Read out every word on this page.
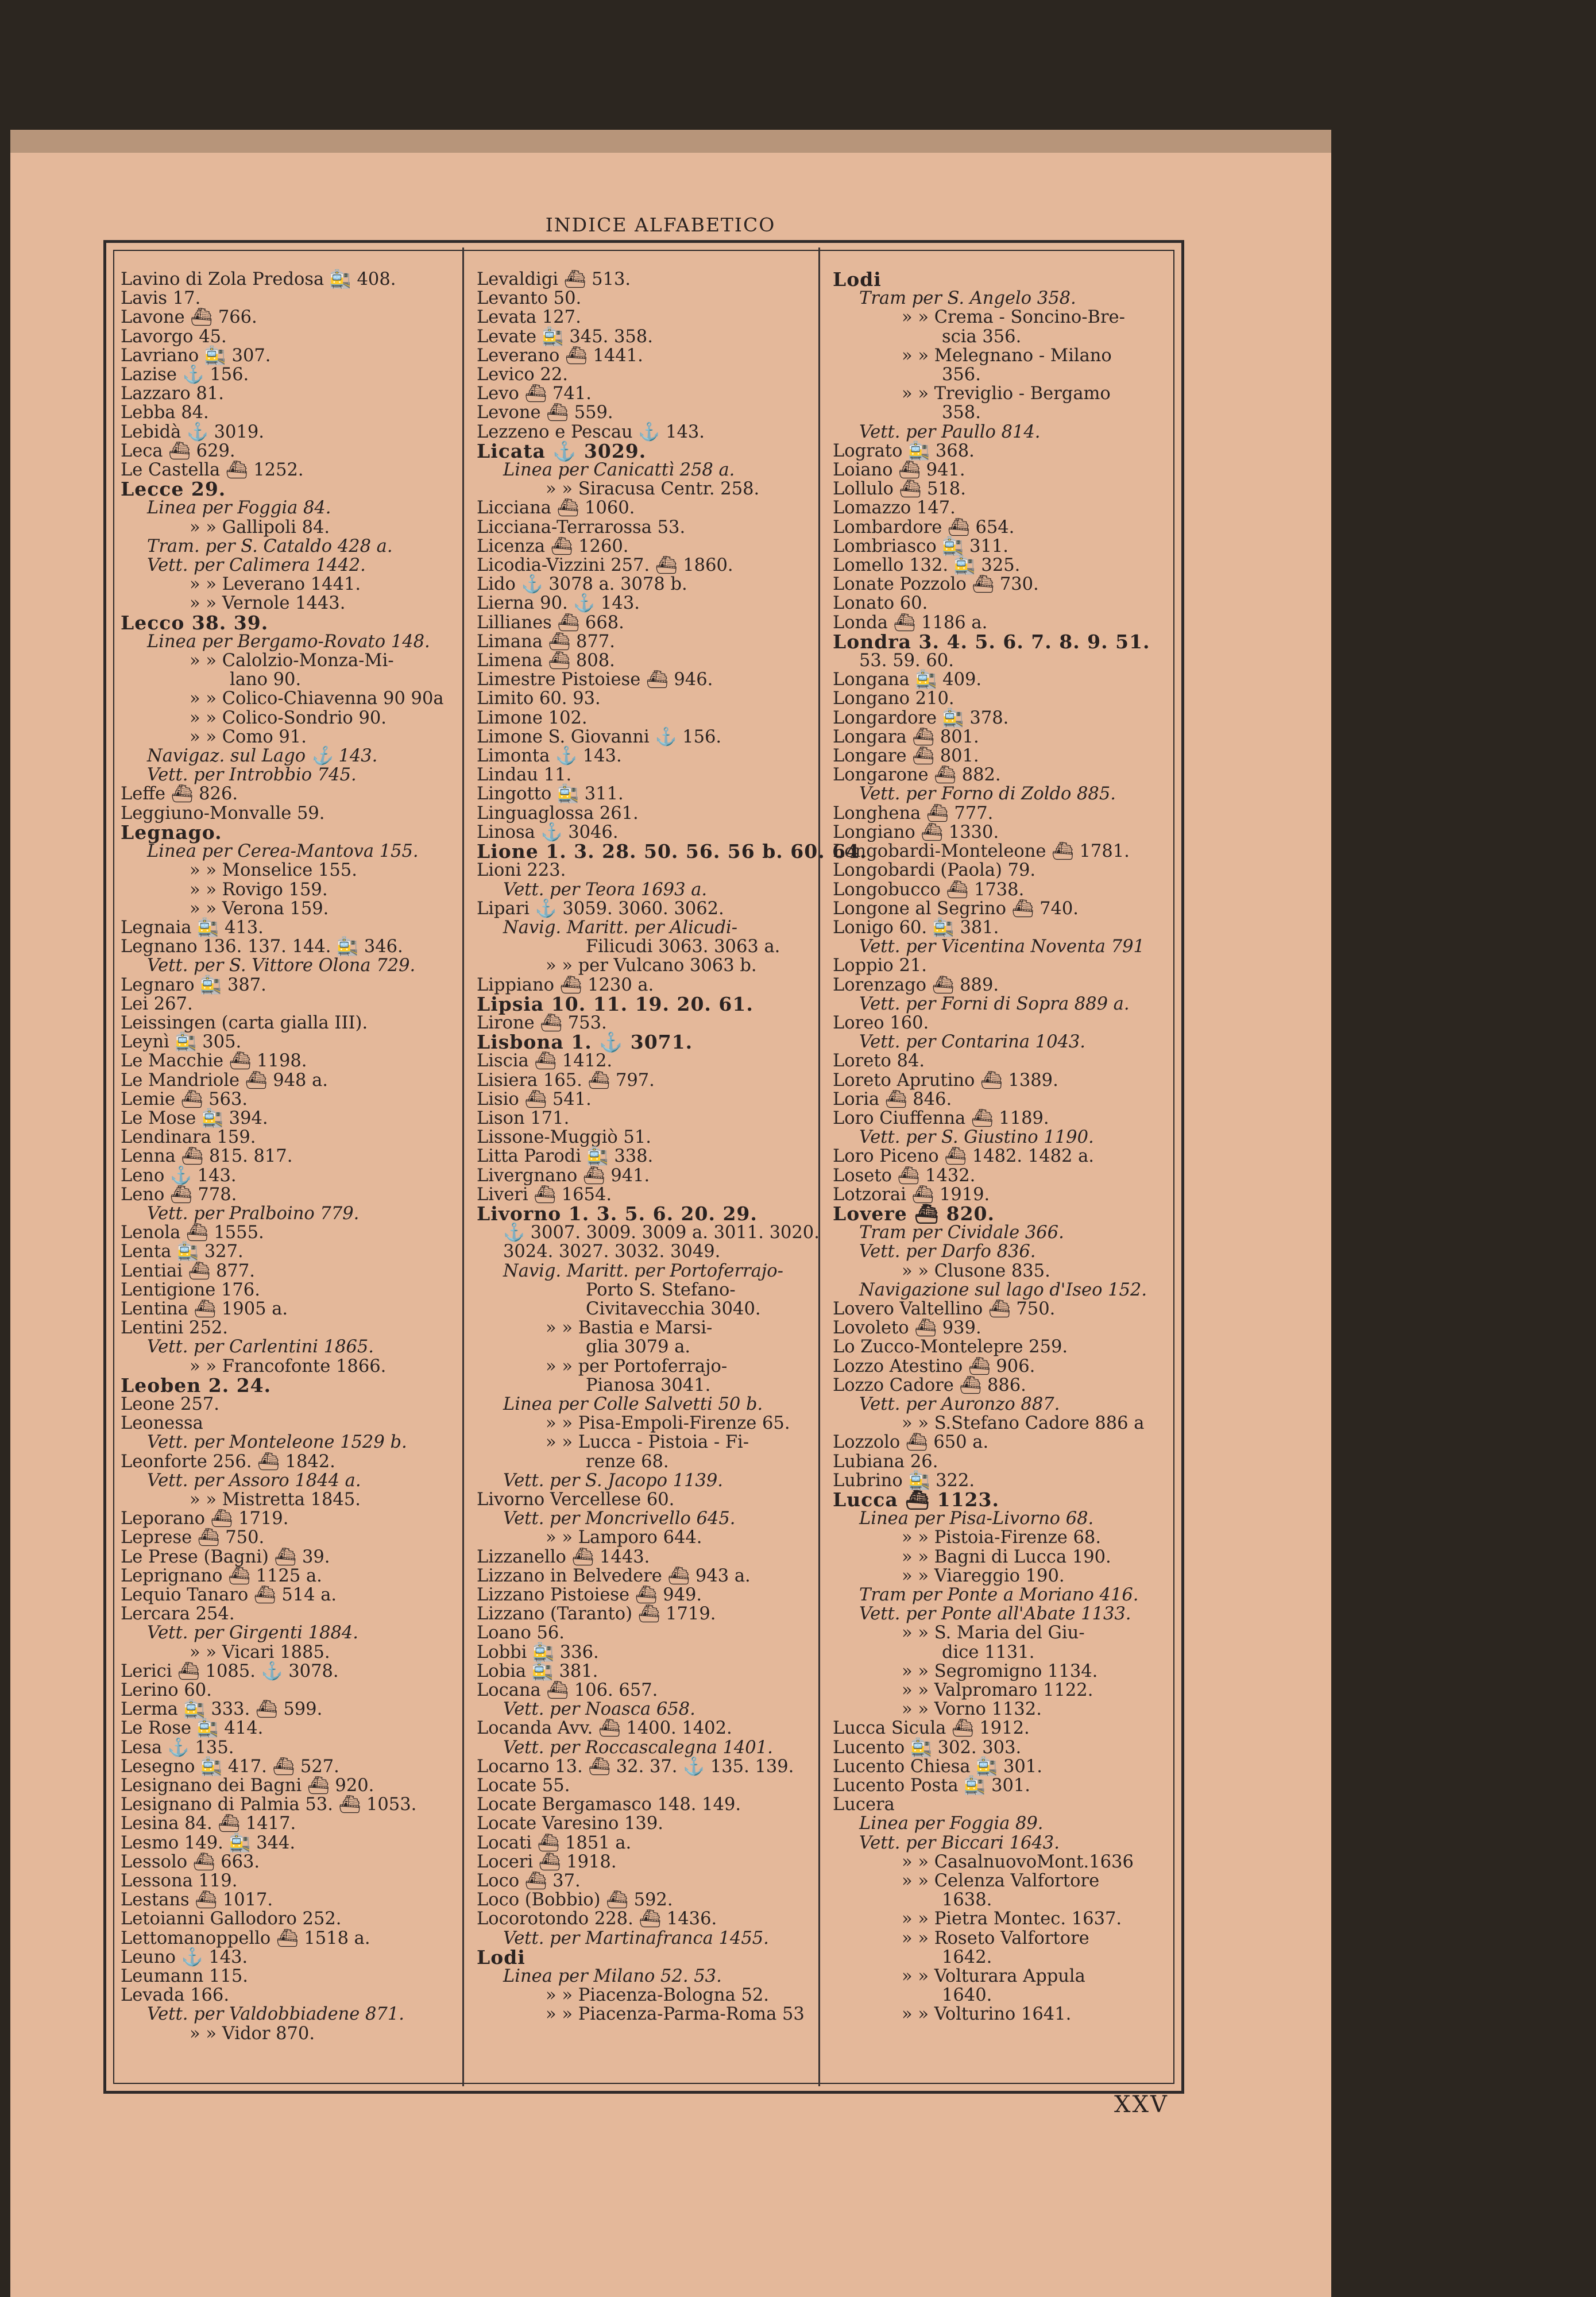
INDICE ALFABETICO
Lavino di Zola Predosa 🚉 408.
Lavis 17.
Lavone ⛴ 766.
Lavorgo 45.
Lavriano 🚉 307.
Lazise ⚓ 156.
Lazzaro 81.
Lebba 84.
Lebidà ⚓ 3019.
Leca ⛴ 629.
Le Castella ⛴ 1252.
Lecce 29.
Linea per Foggia 84.
» » Gallipoli 84.
Tram. per S. Cataldo 428 a.
Vett. per Calimera 1442.
» » Leverano 1441.
» » Vernole 1443.
Lecco 38. 39.
Linea per Bergamo-Rovato 148.
» » Calolzio-Monza-Mi-
lano 90.
» » Colico-Chiavenna 90 90a
» » Colico-Sondrio 90.
» » Como 91.
Navigaz. sul Lago ⚓ 143.
Vett. per Introbbio 745.
Leffe ⛴ 826.
Leggiuno-Monvalle 59.
Legnago.
Linea per Cerea-Mantova 155.
» » Monselice 155.
» » Rovigo 159.
» » Verona 159.
Legnaia 🚉 413.
Legnano 136. 137. 144. 🚉 346.
Vett. per S. Vittore Olona 729.
Legnaro 🚉 387.
Lei 267.
Leissingen (carta gialla III).
Leynì 🚉 305.
Le Macchie ⛴ 1198.
Le Mandriole ⛴ 948 a.
Lemie ⛴ 563.
Le Mose 🚉 394.
Lendinara 159.
Lenna ⛴ 815. 817.
Leno ⚓ 143.
Leno ⛴ 778.
Vett. per Pralboino 779.
Lenola ⛴ 1555.
Lenta 🚉 327.
Lentiai ⛴ 877.
Lentigione 176.
Lentina ⛴ 1905 a.
Lentini 252.
Vett. per Carlentini 1865.
» » Francofonte 1866.
Leoben 2. 24.
Leone 257.
Leonessa
Vett. per Monteleone 1529 b.
Leonforte 256. ⛴ 1842.
Vett. per Assoro 1844 a.
» » Mistretta 1845.
Leporano ⛴ 1719.
Leprese ⛴ 750.
Le Prese (Bagni) ⛴ 39.
Leprignano ⛴ 1125 a.
Lequio Tanaro ⛴ 514 a.
Lercara 254.
Vett. per Girgenti 1884.
» » Vicari 1885.
Lerici ⛴ 1085. ⚓ 3078.
Lerino 60.
Lerma 🚉 333. ⛴ 599.
Le Rose 🚉 414.
Lesa ⚓ 135.
Lesegno 🚉 417. ⛴ 527.
Lesignano dei Bagni ⛴ 920.
Lesignano di Palmia 53. ⛴ 1053.
Lesina 84. ⛴ 1417.
Lesmo 149. 🚉 344.
Lessolo ⛴ 663.
Lessona 119.
Lestans ⛴ 1017.
Letoianni Gallodoro 252.
Lettomanoppello ⛴ 1518 a.
Leuno ⚓ 143.
Leumann 115.
Levada 166.
Vett. per Valdobbiadene 871.
» » Vidor 870.
Levaldigi ⛴ 513.
Levanto 50.
Levata 127.
Levate 🚉 345. 358.
Leverano ⛴ 1441.
Levico 22.
Levo ⛴ 741.
Levone ⛴ 559.
Lezzeno e Pescau ⚓ 143.
Licata ⚓ 3029.
Linea per Canicattì 258 a.
» » Siracusa Centr. 258.
Licciana ⛴ 1060.
Licciana-Terrarossa 53.
Licenza ⛴ 1260.
Licodia-Vizzini 257. ⛴ 1860.
Lido ⚓ 3078 a. 3078 b.
Lierna 90. ⚓ 143.
Lillianes ⛴ 668.
Limana ⛴ 877.
Limena ⛴ 808.
Limestre Pistoiese ⛴ 946.
Limito 60. 93.
Limone 102.
Limone S. Giovanni ⚓ 156.
Limonta ⚓ 143.
Lindau 11.
Lingotto 🚉 311.
Linguaglossa 261.
Linosa ⚓ 3046.
Lione 1. 3. 28. 50. 56. 56 b. 60. 64.
Lioni 223.
Vett. per Teora 1693 a.
Lipari ⚓ 3059. 3060. 3062.
Navig. Maritt. per Alicudi-
Filicudi 3063. 3063 a.
» » per Vulcano 3063 b.
Lippiano ⛴ 1230 a.
Lipsia 10. 11. 19. 20. 61.
Lirone ⛴ 753.
Lisbona 1. ⚓ 3071.
Liscia ⛴ 1412.
Lisiera 165. ⛴ 797.
Lisio ⛴ 541.
Lison 171.
Lissone-Muggiò 51.
Litta Parodi 🚉 338.
Livergnano ⛴ 941.
Liveri ⛴ 1654.
Livorno 1. 3. 5. 6. 20. 29.
⚓ 3007. 3009. 3009 a. 3011. 3020.
3024. 3027. 3032. 3049.
Navig. Maritt. per Portoferrajo-
Porto S. Stefano-
Civitavecchia 3040.
» » Bastia e Marsi-
glia 3079 a.
» » per Portoferrajo-
Pianosa 3041.
Linea per Colle Salvetti 50 b.
» » Pisa-Empoli-Firenze 65.
» » Lucca - Pistoia - Fi-
renze 68.
Vett. per S. Jacopo 1139.
Livorno Vercellese 60.
Vett. per Moncrivello 645.
» » Lamporo 644.
Lizzanello ⛴ 1443.
Lizzano in Belvedere ⛴ 943 a.
Lizzano Pistoiese ⛴ 949.
Lizzano (Taranto) ⛴ 1719.
Loano 56.
Lobbi 🚉 336.
Lobia 🚉 381.
Locana ⛴ 106. 657.
Vett. per Noasca 658.
Locanda Avv. ⛴ 1400. 1402.
Vett. per Roccascalegna 1401.
Locarno 13. ⛴ 32. 37. ⚓ 135. 139.
Locate 55.
Locate Bergamasco 148. 149.
Locate Varesino 139.
Locati ⛴ 1851 a.
Loceri ⛴ 1918.
Loco ⛴ 37.
Loco (Bobbio) ⛴ 592.
Locorotondo 228. ⛴ 1436.
Vett. per Martinafranca 1455.
Lodi
Linea per Milano 52. 53.
» » Piacenza-Bologna 52.
» » Piacenza-Parma-Roma 53
Lodi
Tram per S. Angelo 358.
» » Crema - Soncino-Bre-
scia 356.
» » Melegnano - Milano
356.
» » Treviglio - Bergamo
358.
Vett. per Paullo 814.
Lograto 🚉 368.
Loiano ⛴ 941.
Lollulo ⛴ 518.
Lomazzo 147.
Lombardore ⛴ 654.
Lombriasco 🚉 311.
Lomello 132. 🚉 325.
Lonate Pozzolo ⛴ 730.
Lonato 60.
Londa ⛴ 1186 a.
Londra 3. 4. 5. 6. 7. 8. 9. 51.
53. 59. 60.
Longana 🚉 409.
Longano 210.
Longardore 🚉 378.
Longara ⛴ 801.
Longare ⛴ 801.
Longarone ⛴ 882.
Vett. per Forno di Zoldo 885.
Longhena ⛴ 777.
Longiano ⛴ 1330.
Longobardi-Monteleone ⛴ 1781.
Longobardi (Paola) 79.
Longobucco ⛴ 1738.
Longone al Segrino ⛴ 740.
Lonigo 60. 🚉 381.
Vett. per Vicentina Noventa 791
Loppio 21.
Lorenzago ⛴ 889.
Vett. per Forni di Sopra 889 a.
Loreo 160.
Vett. per Contarina 1043.
Loreto 84.
Loreto Aprutino ⛴ 1389.
Loria ⛴ 846.
Loro Ciuffenna ⛴ 1189.
Vett. per S. Giustino 1190.
Loro Piceno ⛴ 1482. 1482 a.
Loseto ⛴ 1432.
Lotzorai ⛴ 1919.
Lovere ⛴ 820.
Tram per Cividale 366.
Vett. per Darfo 836.
» » Clusone 835.
Navigazione sul lago d'Iseo 152.
Lovero Valtellino ⛴ 750.
Lovoleto ⛴ 939.
Lo Zucco-Montelepre 259.
Lozzo Atestino ⛴ 906.
Lozzo Cadore ⛴ 886.
Vett. per Auronzo 887.
» » S.Stefano Cadore 886 a
Lozzolo ⛴ 650 a.
Lubiana 26.
Lubrino 🚉 322.
Lucca ⛴ 1123.
Linea per Pisa-Livorno 68.
» » Pistoia-Firenze 68.
» » Bagni di Lucca 190.
» » Viareggio 190.
Tram per Ponte a Moriano 416.
Vett. per Ponte all'Abate 1133.
» » S. Maria del Giu-
dice 1131.
» » Segromigno 1134.
» » Valpromaro 1122.
» » Vorno 1132.
Lucca Sicula ⛴ 1912.
Lucento 🚉 302. 303.
Lucento Chiesa 🚉 301.
Lucento Posta 🚉 301.
Lucera
Linea per Foggia 89.
Vett. per Biccari 1643.
» » CasalnuovoMont.1636
» » Celenza Valfortore
1638.
» » Pietra Montec. 1637.
» » Roseto Valfortore
1642.
» » Volturara Appula
1640.
» » Volturino 1641.
XXV
